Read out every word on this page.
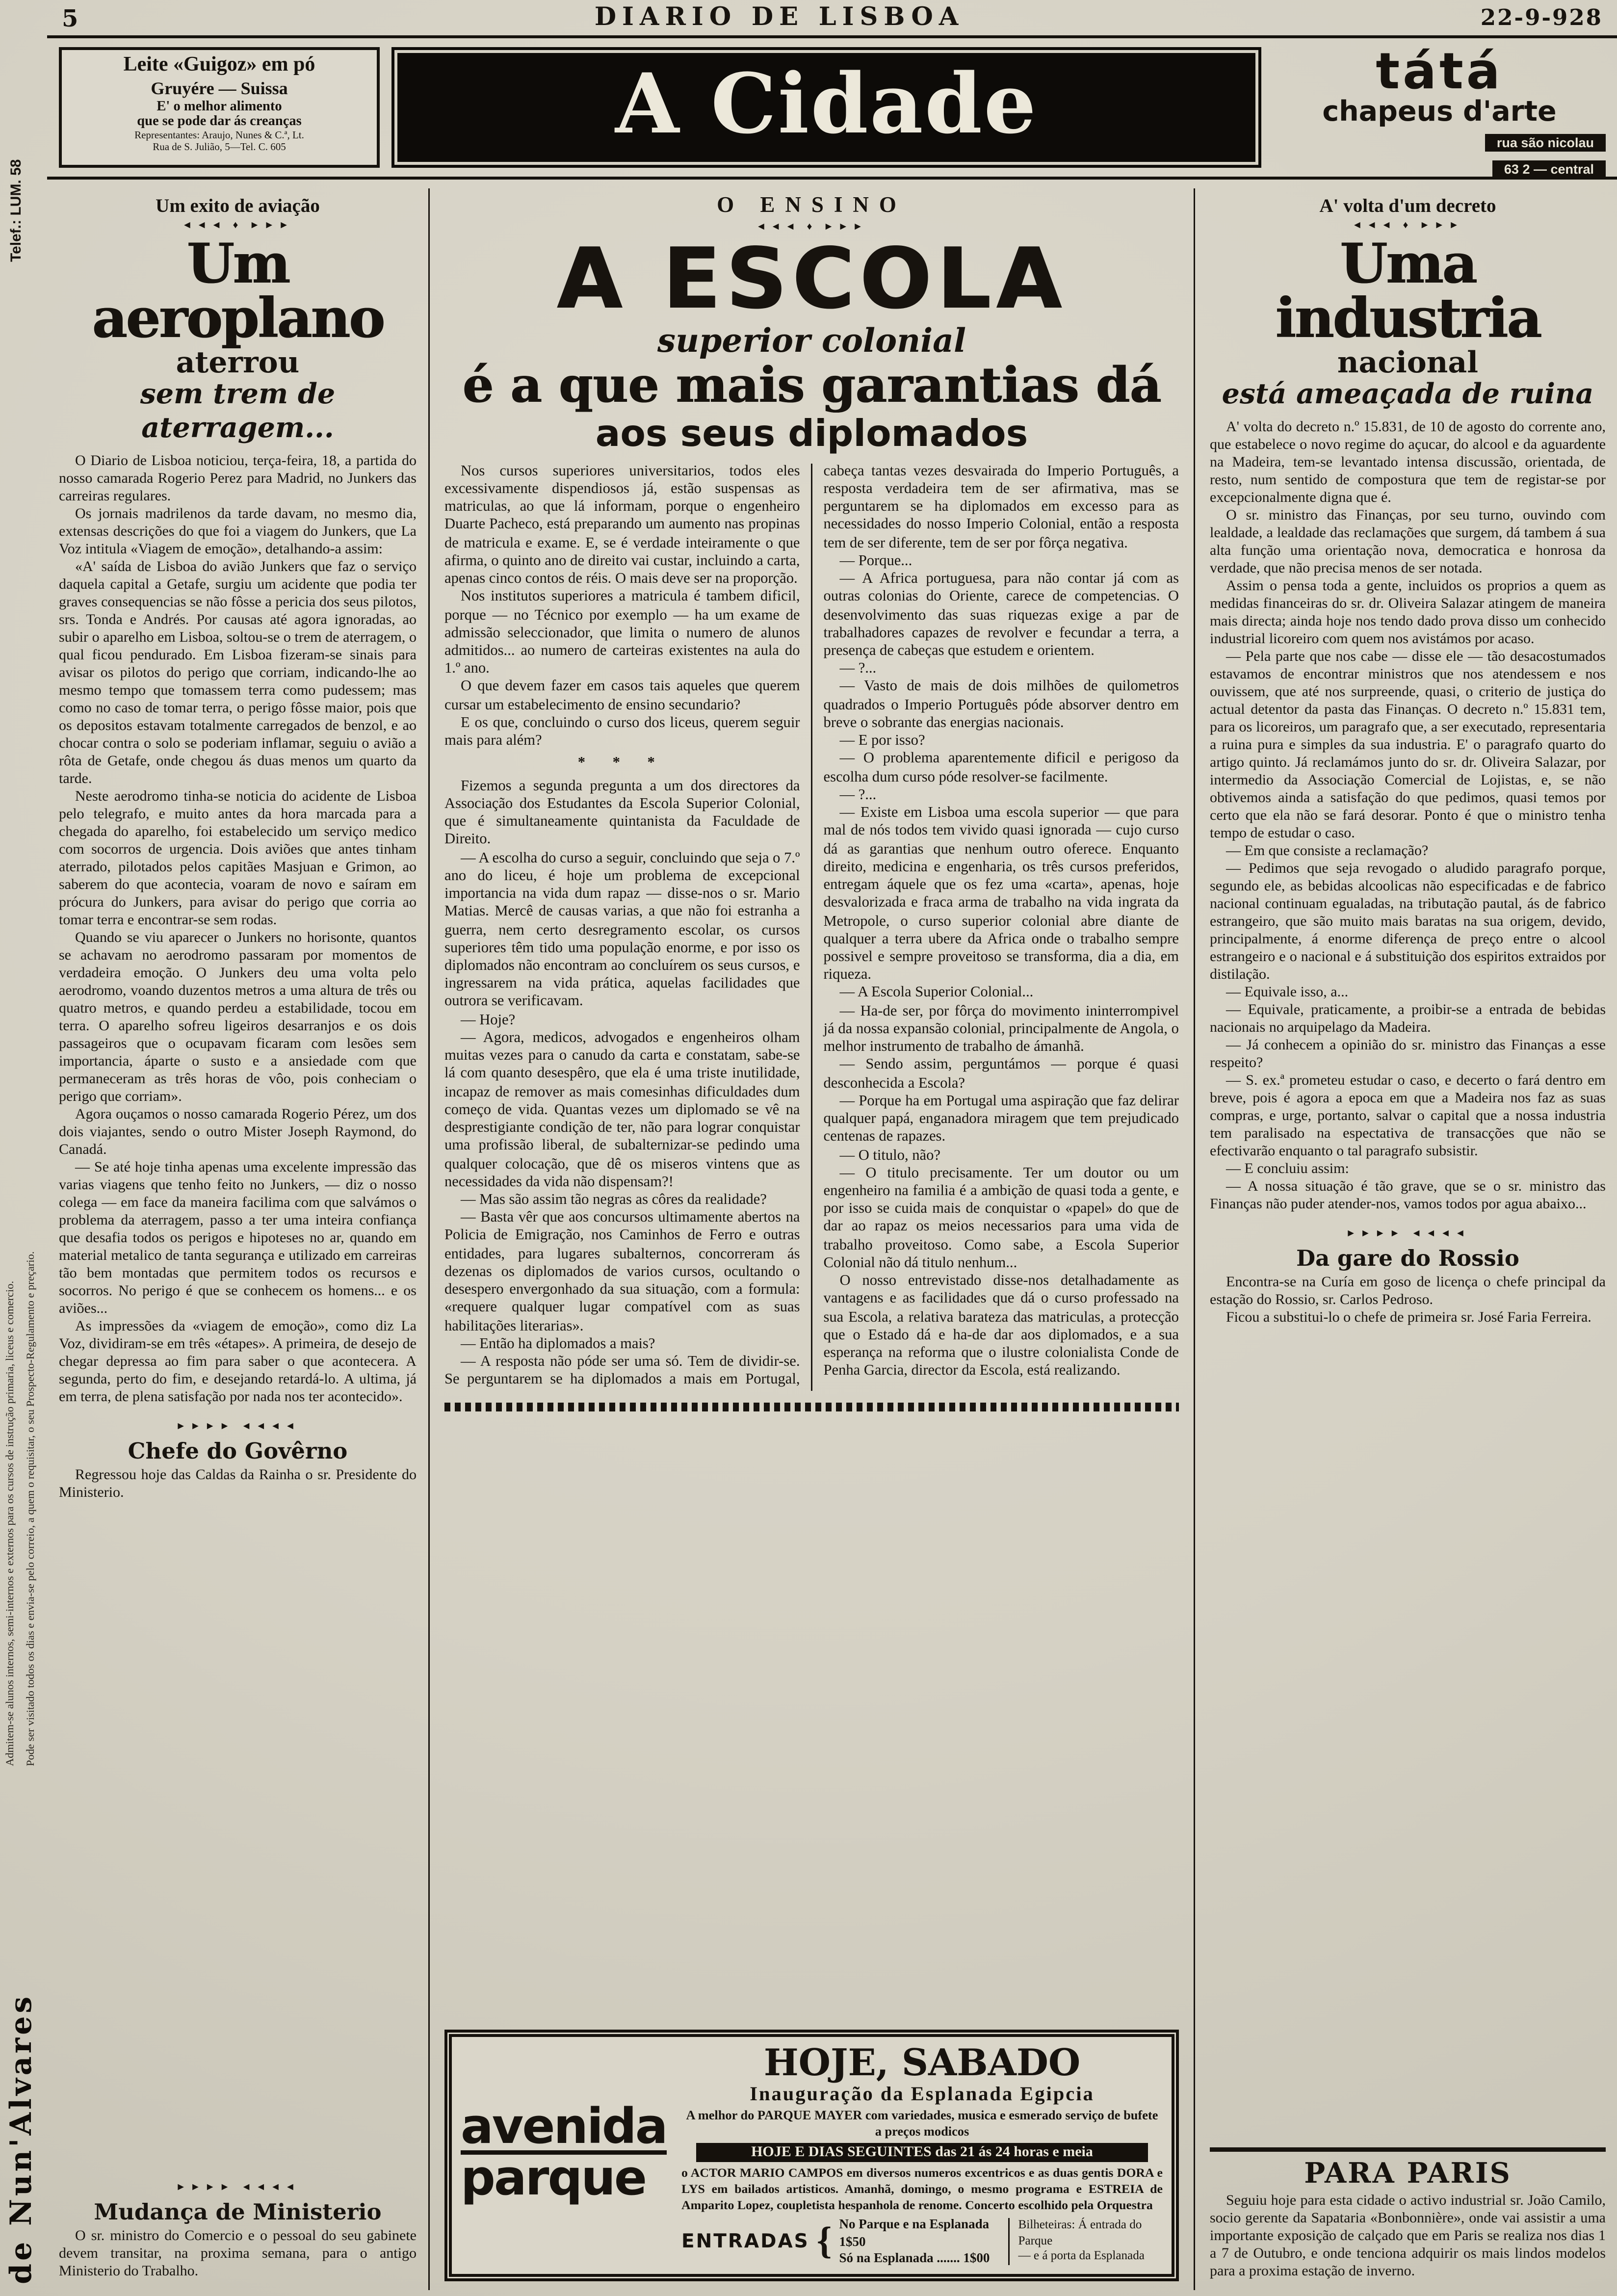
Telef.: LUM. 58
Admitem-se alunos internos, semi-internos e externos para os cursos de instrução primaria, liceus e comercio. Pode ser visitado todos os dias e envia-se pelo correio, a quem o requisitar, o seu Prospecto-Regulamento e preçario.
de Nun'Alvares
5	DIARIO DE LISBOA	22-9-928
Leite «Guigoz» em pó
Gruyére — Suissa
E' o melhor alimento
que se pode dar ás creanças
Representantes: Araujo, Nunes & C.ª, Lt.
Rua de S. Julião, 5—Tel. C. 605	A Cidade	tátá
chapeus d'arte
rua são nicolau
63 2 — central
Um exito de aviação
◄◄◄ ♦ ►►►
Um aeroplano
aterrou
sem trem de aterragem...

O Diario de Lisboa noticiou, terça-feira, 18, a partida do nosso camarada Rogerio Perez para Madrid, no Junkers das carreiras regulares.

Os jornais madrilenos da tarde davam, no mesmo dia, extensas descrições do que foi a viagem do Junkers, que La Voz intitula «Viagem de emoção», detalhando-a assim:

«A' saída de Lisboa do avião Junkers que faz o serviço daquela capital a Getafe, surgiu um acidente que podia ter graves consequencias se não fôsse a pericia dos seus pilotos, srs. Tonda e Andrés. Por causas até agora ignoradas, ao subir o aparelho em Lisboa, soltou-se o trem de aterragem, o qual ficou pendurado. Em Lisboa fizeram-se sinais para avisar os pilotos do perigo que corriam, indicando-lhe ao mesmo tempo que tomassem terra como pudessem; mas como no caso de tomar terra, o perigo fôsse maior, pois que os depositos estavam totalmente carregados de benzol, e ao chocar contra o solo se poderiam inflamar, seguiu o avião a rôta de Getafe, onde chegou ás duas menos um quarto da tarde.

Neste aerodromo tinha-se noticia do acidente de Lisboa pelo telegrafo, e muito antes da hora marcada para a chegada do aparelho, foi estabelecido um serviço medico com socorros de urgencia. Dois aviões que antes tinham aterrado, pilotados pelos capitães Masjuan e Grimon, ao saberem do que acontecia, voaram de novo e saíram em prócura do Junkers, para avisar do perigo que corria ao tomar terra e encontrar-se sem rodas.

Quando se viu aparecer o Junkers no horisonte, quantos se achavam no aerodromo passaram por momentos de verdadeira emoção. O Junkers deu uma volta pelo aerodromo, voando duzentos metros a uma altura de três ou quatro metros, e quando perdeu a estabilidade, tocou em terra. O aparelho sofreu ligeiros desarranjos e os dois passageiros que o ocupavam ficaram com lesões sem importancia, áparte o susto e a ansiedade com que permaneceram as três horas de vôo, pois conheciam o perigo que corriam».

Agora ouçamos o nosso camarada Rogerio Pérez, um dos dois viajantes, sendo o outro Mister Joseph Raymond, do Canadá.

— Se até hoje tinha apenas uma excelente impressão das varias viagens que tenho feito no Junkers, — diz o nosso colega — em face da maneira facilima com que salvámos o problema da aterragem, passo a ter uma inteira confiança que desafia todos os perigos e hipoteses no ar, quando em material metalico de tanta segurança e utilizado em carreiras tão bem montadas que permitem todos os recursos e socorros. No perigo é que se conhecem os homens... e os aviões...

As impressões da «viagem de emoção», como diz La Voz, dividiram-se em três «étapes». A primeira, de desejo de chegar depressa ao fim para saber o que acontecera. A segunda, perto do fim, e desejando retardá-lo. A ultima, já em terra, de plena satisfação por nada nos ter acontecido».

►►►► ◄◄◄◄
Chefe do Govêrno

Regressou hoje das Caldas da Rainha o sr. Presidente do Ministerio.

►►►► ◄◄◄◄
Mudança de Ministerio

O sr. ministro do Comercio e o pessoal do seu gabinete devem transitar, na proxima semana, para o antigo Ministerio do Trabalho.

O ENSINO
◄◄◄ ♦ ►►►
A ESCOLA
superior colonial
é a que mais garantias dá
aos seus diplomados

Nos cursos superiores universitarios, todos eles excessivamente dispendiosos já, estão suspensas as matriculas, ao que lá informam, porque o engenheiro Duarte Pacheco, está preparando um aumento nas propinas de matricula e exame. E, se é verdade inteiramente o que afirma, o quinto ano de direito vai custar, incluindo a carta, apenas cinco contos de réis. O mais deve ser na proporção.

Nos institutos superiores a matricula é tambem dificil, porque — no Técnico por exemplo — ha um exame de admissão seleccionador, que limita o numero de alunos admitidos... ao numero de carteiras existentes na aula do 1.º ano.

O que devem fazer em casos tais aqueles que querem cursar um estabelecimento de ensino secundario?

E os que, concluindo o curso dos liceus, querem seguir mais para além?

* * *

Fizemos a segunda pregunta a um dos directores da Associação dos Estudantes da Escola Superior Colonial, que é simultaneamente quintanista da Faculdade de Direito.

— A escolha do curso a seguir, concluindo que seja o 7.º ano do liceu, é hoje um problema de excepcional importancia na vida dum rapaz — disse-nos o sr. Mario Matias. Mercê de causas varias, a que não foi estranha a guerra, nem certo desregramento escolar, os cursos superiores têm tido uma população enorme, e por isso os diplomados não encontram ao concluírem os seus cursos, e ingressarem na vida prática, aquelas facilidades que outrora se verificavam.

— Hoje?

— Agora, medicos, advogados e engenheiros olham muitas vezes para o canudo da carta e constatam, sabe-se lá com quanto desespêro, que ela é uma triste inutilidade, incapaz de remover as mais comesinhas dificuldades dum começo de vida. Quantas vezes um diplomado se vê na desprestigiante condição de ter, não para lograr conquistar uma profissão liberal, de subalternizar-se pedindo uma qualquer colocação, que dê os miseros vintens que as necessidades da vida não dispensam?!

— Mas são assim tão negras as côres da realidade?

— Basta vêr que aos concursos ultimamente abertos na Policia de Emigração, nos Caminhos de Ferro e outras entidades, para lugares subalternos, concorreram ás dezenas os diplomados de varios cursos, ocultando o desespero envergonhado da sua situação, com a formula: «requere qualquer lugar compatível com as suas habilitações literarias».

— Então ha diplomados a mais?

— A resposta não póde ser uma só. Tem de dividir-se. Se perguntarem se ha diplomados a mais em Portugal, cabeça tantas vezes desvairada do Imperio Português, a resposta verdadeira tem de ser afirmativa, mas se perguntarem se ha diplomados em excesso para as necessidades do nosso Imperio Colonial, então a resposta tem de ser diferente, tem de ser por fôrça negativa.

— Porque...

— A Africa portuguesa, para não contar já com as outras colonias do Oriente, carece de competencias. O desenvolvimento das suas riquezas exige a par de trabalhadores capazes de revolver e fecundar a terra, a presença de cabeças que estudem e orientem.

— ?...

— Vasto de mais de dois milhões de quilometros quadrados o Imperio Português póde absorver dentro em breve o sobrante das energias nacionais.

— E por isso?

— O problema aparentemente dificil e perigoso da escolha dum curso póde resolver-se facilmente.

— ?...

— Existe em Lisboa uma escola superior — que para mal de nós todos tem vivido quasi ignorada — cujo curso dá as garantias que nenhum outro oferece. Enquanto direito, medicina e engenharia, os três cursos preferidos, entregam áquele que os fez uma «carta», apenas, hoje desvalorizada e fraca arma de trabalho na vida ingrata da Metropole, o curso superior colonial abre diante de qualquer a terra ubere da Africa onde o trabalho sempre possivel e sempre proveitoso se transforma, dia a dia, em riqueza.

— A Escola Superior Colonial...

— Ha-de ser, por fôrça do movimento ininterrompivel já da nossa expansão colonial, principalmente de Angola, o melhor instrumento de trabalho de ámanhã.

— Sendo assim, perguntámos — porque é quasi desconhecida a Escola?

— Porque ha em Portugal uma aspiração que faz delirar qualquer papá, enganadora miragem que tem prejudicado centenas de rapazes.

— O titulo, não?

— O titulo precisamente. Ter um doutor ou um engenheiro na familia é a ambição de quasi toda a gente, e por isso se cuida mais de conquistar o «papel» do que de dar ao rapaz os meios necessarios para uma vida de trabalho proveitoso. Como sabe, a Escola Superior Colonial não dá titulo nenhum...

O nosso entrevistado disse-nos detalhadamente as vantagens e as facilidades que dá o curso professado na sua Escola, a relativa barateza das matriculas, a protecção que o Estado dá e ha-de dar aos diplomados, e a sua esperança na reforma que o ilustre colonialista Conde de Penha Garcia, director da Escola, está realizando.

avenida
parque
HOJE, SABADO
Inauguração da Esplanada Egipcia
A melhor do PARQUE MAYER com variedades, musica e esmerado serviço de bufete a preços modicos
HOJE E DIAS SEGUINTES das 21 ás 24 horas e meia
o ACTOR MARIO CAMPOS em diversos numeros excentricos e as duas gentis DORA e LYS em bailados artisticos. Amanhã, domingo, o mesmo programa e ESTREIA de Amparito Lopez, coupletista hespanhola de renome. Concerto escolhido pela Orquestra
ENTRADAS { No Parque e na Esplanada 1$50
Só na Esplanada ....... 1$00
Bilheteiras: Á entrada do Parque
— e á porta da Esplanada
A' volta d'um decreto
◄◄◄ ♦ ►►►
Uma industria
nacional
está ameaçada de ruina

A' volta do decreto n.º 15.831, de 10 de agosto do corrente ano, que estabelece o novo regime do açucar, do alcool e da aguardente na Madeira, tem-se levantado intensa discussão, orientada, de resto, num sentido de compostura que tem de registar-se por excepcionalmente digna que é.

O sr. ministro das Finanças, por seu turno, ouvindo com lealdade, a lealdade das reclamações que surgem, dá tambem á sua alta função uma orientação nova, democratica e honrosa da verdade, que não precisa menos de ser notada.

Assim o pensa toda a gente, incluidos os proprios a quem as medidas financeiras do sr. dr. Oliveira Salazar atingem de maneira mais directa; ainda hoje nos tendo dado prova disso um conhecido industrial licoreiro com quem nos avistámos por acaso.

— Pela parte que nos cabe — disse ele — tão desacostumados estavamos de encontrar ministros que nos atendessem e nos ouvissem, que até nos surpreende, quasi, o criterio de justiça do actual detentor da pasta das Finanças. O decreto n.º 15.831 tem, para os licoreiros, um paragrafo que, a ser executado, representaria a ruina pura e simples da sua industria. E' o paragrafo quarto do artigo quinto. Já reclamámos junto do sr. dr. Oliveira Salazar, por intermedio da Associação Comercial de Lojistas, e, se não obtivemos ainda a satisfação do que pedimos, quasi temos por certo que ela não se fará desorar. Ponto é que o ministro tenha tempo de estudar o caso.

— Em que consiste a reclamação?

— Pedimos que seja revogado o aludido paragrafo porque, segundo ele, as bebidas alcoolicas não especificadas e de fabrico nacional continuam egualadas, na tributação pautal, ás de fabrico estrangeiro, que são muito mais baratas na sua origem, devido, principalmente, á enorme diferença de preço entre o alcool estrangeiro e o nacional e á substituição dos espiritos extraidos por distilação.

— Equivale isso, a...

— Equivale, praticamente, a proibir-se a entrada de bebidas nacionais no arquipelago da Madeira.

— Já conhecem a opinião do sr. ministro das Finanças a esse respeito?

— S. ex.ª prometeu estudar o caso, e decerto o fará dentro em breve, pois é agora a epoca em que a Madeira nos faz as suas compras, e urge, portanto, salvar o capital que a nossa industria tem paralisado na espectativa de transacções que não se efectivarão enquanto o tal paragrafo subsistir.

— E concluiu assim:

— A nossa situação é tão grave, que se o sr. ministro das Finanças não puder atender-nos, vamos todos por agua abaixo...

►►►► ◄◄◄◄
Da gare do Rossio

Encontra-se na Curía em goso de licença o chefe principal da estação do Rossio, sr. Carlos Pedroso.

Ficou a substitui-lo o chefe de primeira sr. José Faria Ferreira.

PARA PARIS

Seguiu hoje para esta cidade o activo industrial sr. João Camilo, socio gerente da Sapataria «Bonbonnière», onde vai assistir a uma importante exposição de calçado que em Paris se realiza nos dias 1 a 7 de Outubro, e onde tenciona adquirir os mais lindos modelos para a proxima estação de inverno.
